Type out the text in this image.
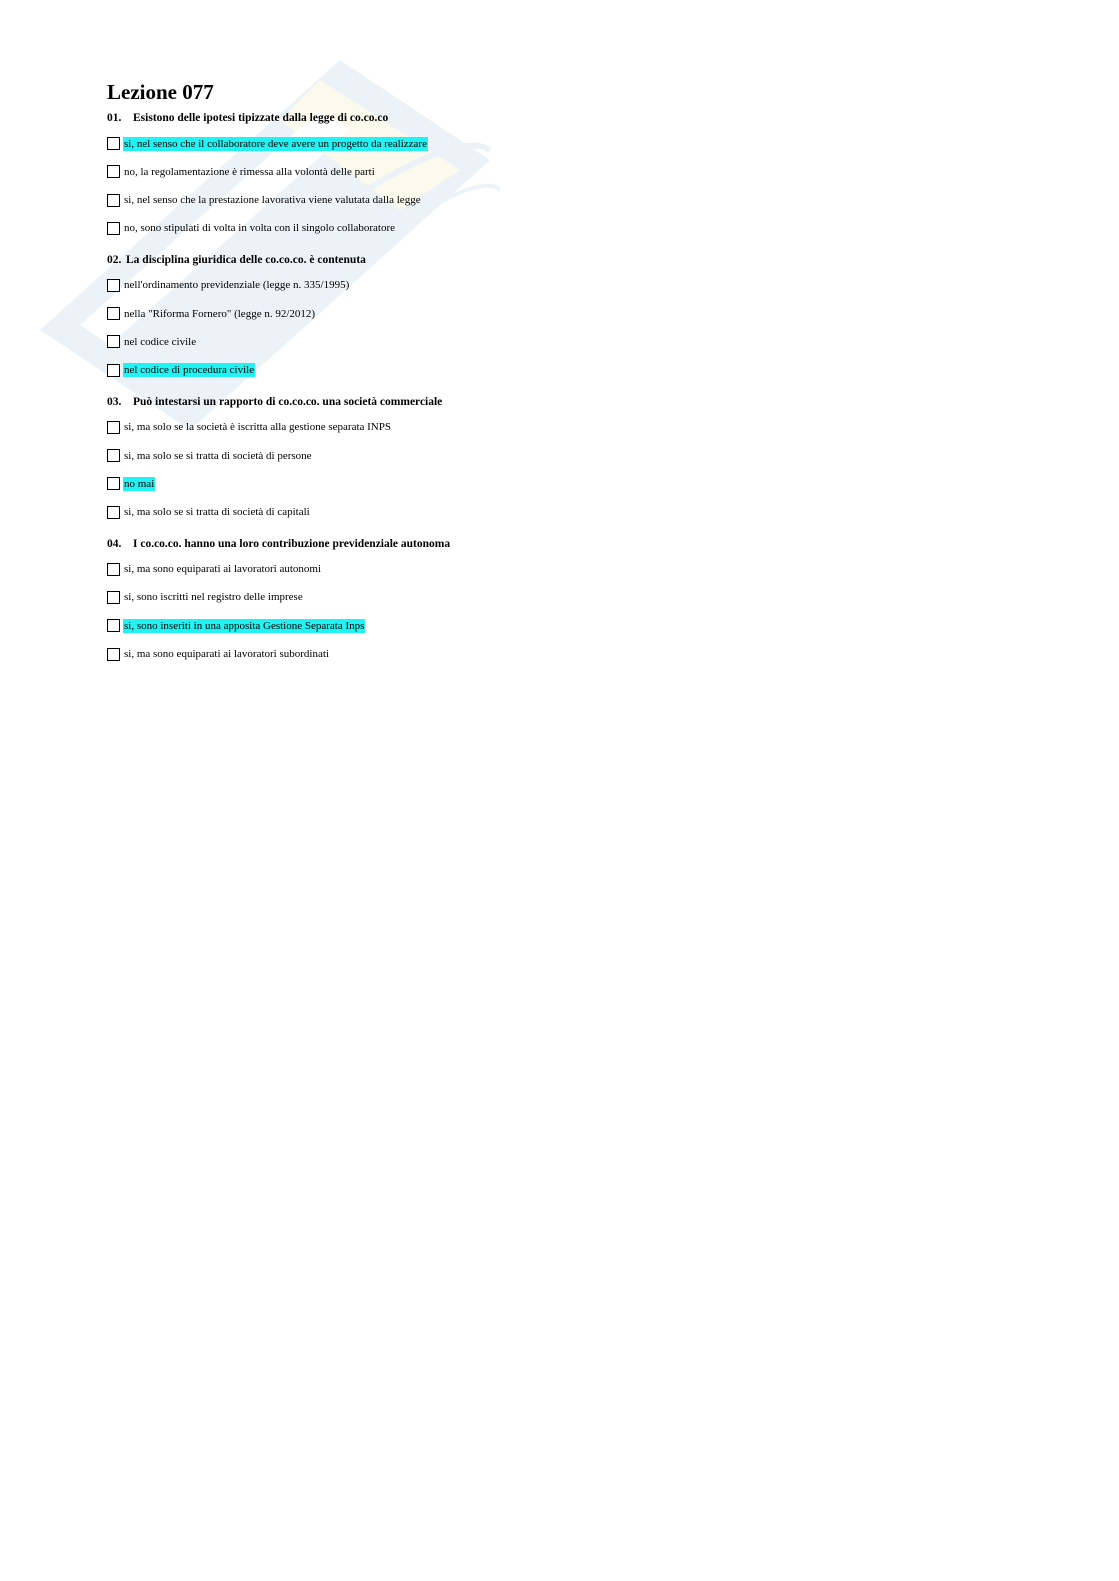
Lezione 077
01. Esistono delle ipotesi tipizzate dalla legge di co.co.co
si, nel senso che il collaboratore deve avere un progetto da realizzare
no, la regolamentazione è rimessa alla volontà delle parti
si, nel senso che la prestazione lavorativa viene valutata dalla legge
no, sono stipulati di volta in volta con il singolo collaboratore
02. La disciplina giuridica delle co.co.co. è contenuta
nell'ordinamento previdenziale (legge n. 335/1995)
nella "Riforma Fornero" (legge n. 92/2012)
nel codice civile
nel codice di procedura civile
03. Può intestarsi un rapporto di co.co.co. una società commerciale
si, ma solo se la società è iscritta alla gestione separata INPS
si, ma solo se si tratta di società di persone
no mai
si, ma solo se si tratta di società di capitali
04. I co.co.co. hanno una loro contribuzione previdenziale autonoma
si, ma sono equiparati ai lavoratori autonomi
si, sono iscritti nel registro delle imprese
si, sono inseriti in una apposita Gestione Separata Inps
si, ma sono equiparati ai lavoratori subordinati
